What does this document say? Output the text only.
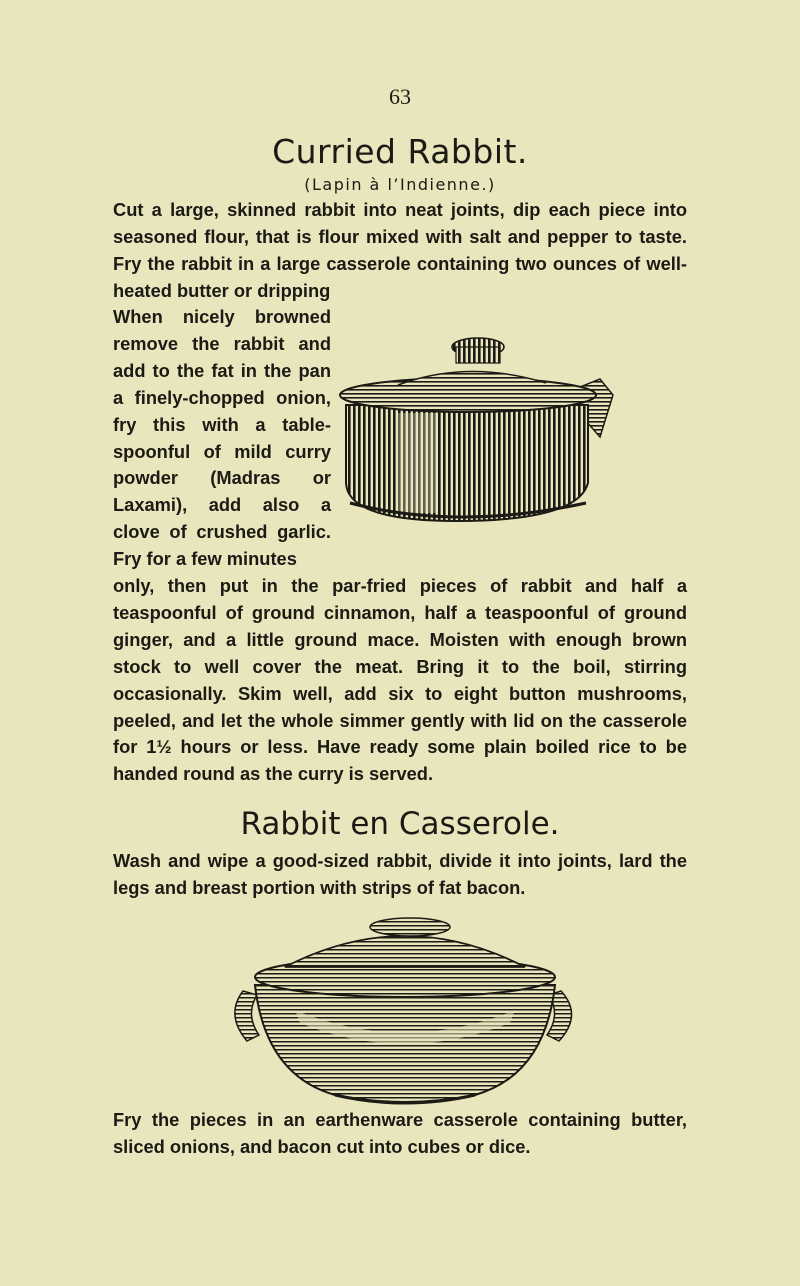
63
Curried Rabbit.
(Lapin à l’Indienne.)

Cut a large, skinned rabbit into neat joints, dip each piece into seasoned flour, that is flour mixed with salt and pepper to taste. Fry the rabbit in a large casserole containing two ounces of well-heated butter or dripping

When nicely browned remove the rabbit and add to the fat in the pan a finely-chopped onion, fry this with a tablespoonful of mild curry powder (Madras or Laxami), add also a clove of crushed garlic. Fry for a few minutes

only, then put in the par-fried pieces of rabbit and half a teaspoonful of ground cinnamon, half a teaspoonful of ground ginger, and a little ground mace. Moisten with enough brown stock to well cover the meat. Bring it to the boil, stirring occasionally. Skim well, add six to eight button mushrooms, peeled, and let the whole simmer gently with lid on the casserole for 1½ hours or less. Have ready some plain boiled rice to be handed round as the curry is served.

Rabbit en Casserole.

Wash and wipe a good-sized rabbit, divide it into joints, lard the legs and breast portion with strips of fat bacon.

Fry the pieces in an earthenware casserole containing butter, sliced onions, and bacon cut into cubes or dice.
